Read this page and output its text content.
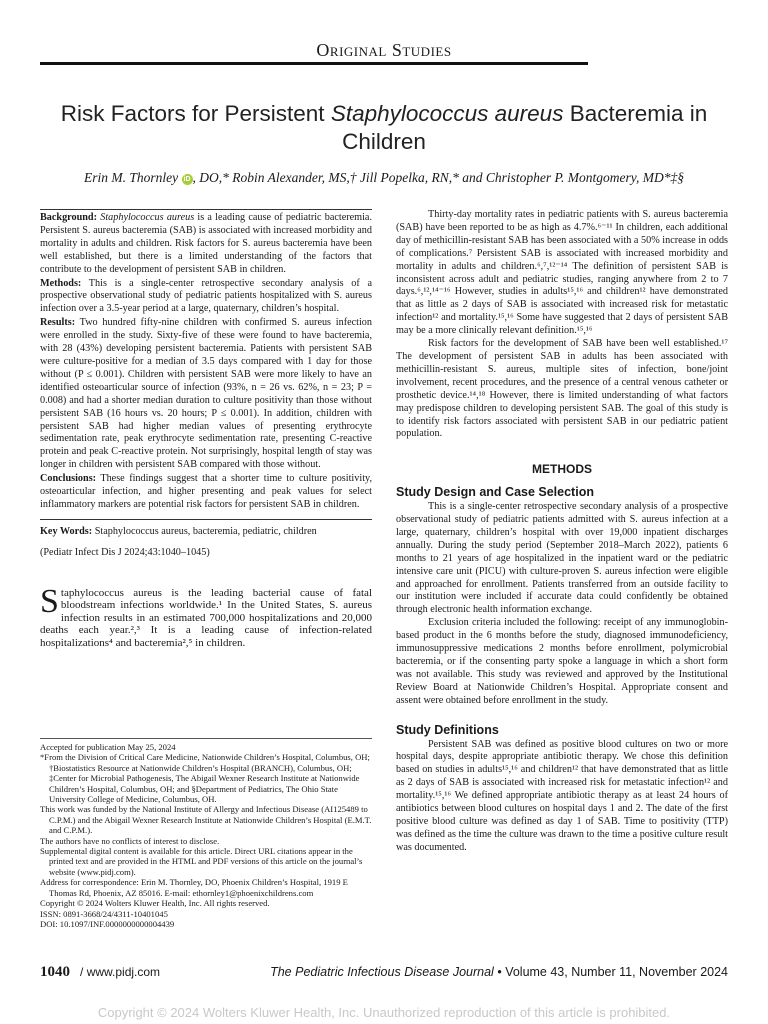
Original Studies
Risk Factors for Persistent Staphylococcus aureus Bacteremia in Children
Erin M. Thornley iD , DO,* Robin Alexander, MS,† Jill Popelka, RN,* and Christopher P. Montgomery, MD*‡§

Background: Staphylococcus aureus is a leading cause of pediatric bacteremia. Persistent S. aureus bacteremia (SAB) is associated with increased morbidity and mortality in adults and children. Risk factors for S. aureus bacteremia have been well established, but there is a limited understanding of the factors that contribute to the development of persistent SAB in children.

Methods: This is a single-center retrospective secondary analysis of a prospective observational study of pediatric patients hospitalized with S. aureus infection over a 3.5-year period at a large, quaternary, children’s hospital.

Results: Two hundred fifty-nine children with confirmed S. aureus infection were enrolled in the study. Sixty-five of these were found to have bacteremia, with 28 (43%) developing persistent bacteremia. Patients with persistent SAB were culture-positive for a median of 3.5 days compared with 1 day for those without (P ≤ 0.001). Children with persistent SAB were more likely to have an identified osteoarticular source of infection (93%, n = 26 vs. 62%, n = 23; P = 0.008) and had a shorter median duration to culture positivity than those without persistent SAB (16 hours vs. 20 hours; P ≤ 0.001). In addition, children with persistent SAB had higher median values of presenting erythrocyte sedimentation rate, peak erythrocyte sedimentation rate, presenting C-reactive protein and peak C-reactive protein. Not surprisingly, hospital length of stay was longer in children with persistent SAB compared with those without.

Conclusions: These findings suggest that a shorter time to culture positivity, osteoarticular infection, and higher presenting and peak values for select inflammatory markers are potential risk factors for persistent SAB in children.

Key Words: Staphylococcus aureus, bacteremia, pediatric, children
(Pediatr Infect Dis J 2024;43:1040–1045)
Staphylococcus aureus is the leading bacterial cause of fatal bloodstream infections worldwide.¹ In the United States, S. aureus infection results in an estimated 700,000 hospitalizations and 20,000 deaths each year.²,³ It is a leading cause of infection-related hospitalizations⁴ and bacteremia²,⁵ in children.

Accepted for publication May 25, 2024

*From the Division of Critical Care Medicine, Nationwide Children’s Hospital, Columbus, OH; †Biostatistics Resource at Nationwide Children’s Hospital (BRANCH), Columbus, OH; ‡Center for Microbial Pathogenesis, The Abigail Wexner Research Institute at Nationwide Children’s Hospital, Columbus, OH; and §Department of Pediatrics, The Ohio State University College of Medicine, Columbus, OH.

This work was funded by the National Institute of Allergy and Infectious Disease (AI125489 to C.P.M.) and the Abigail Wexner Research Institute at Nationwide Children’s Hospital (E.M.T. and C.P.M.).

The authors have no conflicts of interest to disclose.

Supplemental digital content is available for this article. Direct URL citations appear in the printed text and are provided in the HTML and PDF versions of this article on the journal’s website (www.pidj.com).

Address for correspondence: Erin M. Thornley, DO, Phoenix Children’s Hospital, 1919 E Thomas Rd, Phoenix, AZ 85016. E-mail: ethornley1@phoenixchildrens.com

Copyright © 2024 Wolters Kluwer Health, Inc. All rights reserved.

ISSN: 0891-3668/24/4311-10401045

DOI: 10.1097/INF.0000000000004439

Thirty-day mortality rates in pediatric patients with S. aureus bacteremia (SAB) have been reported to be as high as 4.7%.⁶⁻¹¹ In children, each additional day of methicillin-resistant SAB has been associated with a 50% increase in odds of complications.⁷ Persistent SAB is associated with increased morbidity and mortality in adults and children.⁶,⁷,¹²⁻¹⁴ The definition of persistent SAB is inconsistent across adult and pediatric studies, ranging anywhere from 2 to 7 days.⁶,¹²,¹⁴⁻¹⁶ However, studies in adults¹⁵,¹⁶ and children¹² have demonstrated that as little as 2 days of SAB is associated with increased risk for metastatic infection¹² and mortality.¹⁵,¹⁶ Some have suggested that 2 days of persistent SAB may be a more clinically relevant definition.¹⁵,¹⁶

Risk factors for the development of SAB have been well established.¹⁷ The development of persistent SAB in adults has been associated with methicillin-resistant S. aureus, multiple sites of infection, bone/joint involvement, recent procedures, and the presence of a central venous catheter or prosthetic device.¹⁴,¹⁸ However, there is limited understanding of what factors may predispose children to developing persistent SAB. The goal of this study is to identify risk factors associated with persistent SAB in our pediatric patient population.

METHODS
Study Design and Case Selection

This is a single-center retrospective secondary analysis of a prospective observational study of pediatric patients admitted with S. aureus infection at a large, quaternary, children’s hospital with over 19,000 inpatient discharges annually. During the study period (September 2018–March 2022), patients 6 months to 21 years of age hospitalized in the inpatient ward or the pediatric intensive care unit (PICU) with culture-proven S. aureus infection were eligible and approached for enrollment. Patients transferred from an outside facility to our institution were included if accurate data could confidently be obtained through electronic health information exchange.

Exclusion criteria included the following: receipt of any immunoglobin-based product in the 6 months before the study, diagnosed immunodeficiency, immunosuppressive medications 2 months before enrollment, polymicrobial bacteremia, or if the consenting party spoke a language in which a short form was not available. This study was reviewed and approved by the Institutional Review Board at Nationwide Children’s Hospital. Appropriate consent and assent were obtained before enrollment in the study.

Study Definitions

Persistent SAB was defined as positive blood cultures on two or more hospital days, despite appropriate antibiotic therapy. We chose this definition based on studies in adults¹⁵,¹⁶ and children¹² that have demonstrated that as little as 2 days of SAB is associated with increased risk for metastatic infection¹² and mortality.¹⁵,¹⁶ We defined appropriate antibiotic therapy as at least 24 hours of antibiotics between blood cultures on hospital days 1 and 2. The date of the first positive blood culture was defined as day 1 of SAB. Time to positivity (TTP) was defined as the time the culture was drawn to the time a positive culture result was documented.

1040 / www.pidj.com	The Pediatric Infectious Disease Journal • Volume 43, Number 11, November 2024
Copyright © 2024 Wolters Kluwer Health, Inc. Unauthorized reproduction of this article is prohibited.
